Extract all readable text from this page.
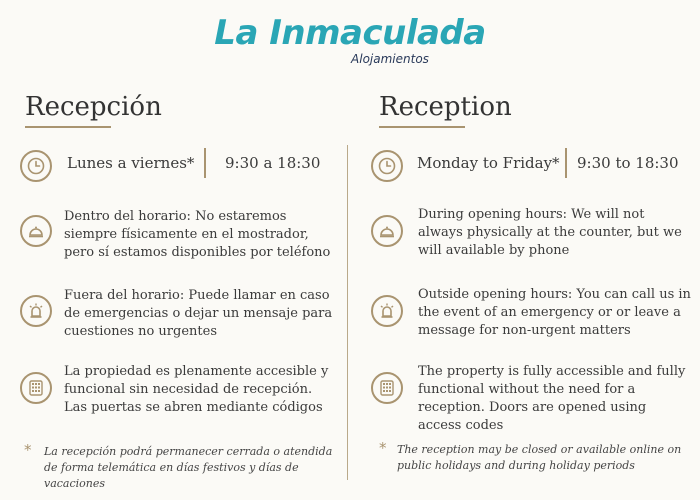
La Inmaculada
Alojamientos
Recepción
Lunes a viernes* 9:30 a 18:30
Dentro del horario: No estaremos siempre físicamente en el mostrador, pero sí estamos disponibles por teléfono
Fuera del horario: Puede llamar en caso de emergencias o dejar un mensaje para cuestiones no urgentes
La propiedad es plenamente accesible y funcional sin necesidad de recepción. Las puertas se abren mediante códigos
* La recepción podrá permanecer cerrada o atendida de forma telemática en días festivos y días de vacaciones
Reception
Monday to Friday* 9:30 to 18:30
During opening hours: We will not always physically at the counter, but we will available by phone
Outside opening hours: You can call us in the event of an emergency or or leave a message for non-urgent matters
The property is fully accessible and fully functional without the need for a reception. Doors are opened using access codes
* The reception may be closed or available online on public holidays and during holiday periods
